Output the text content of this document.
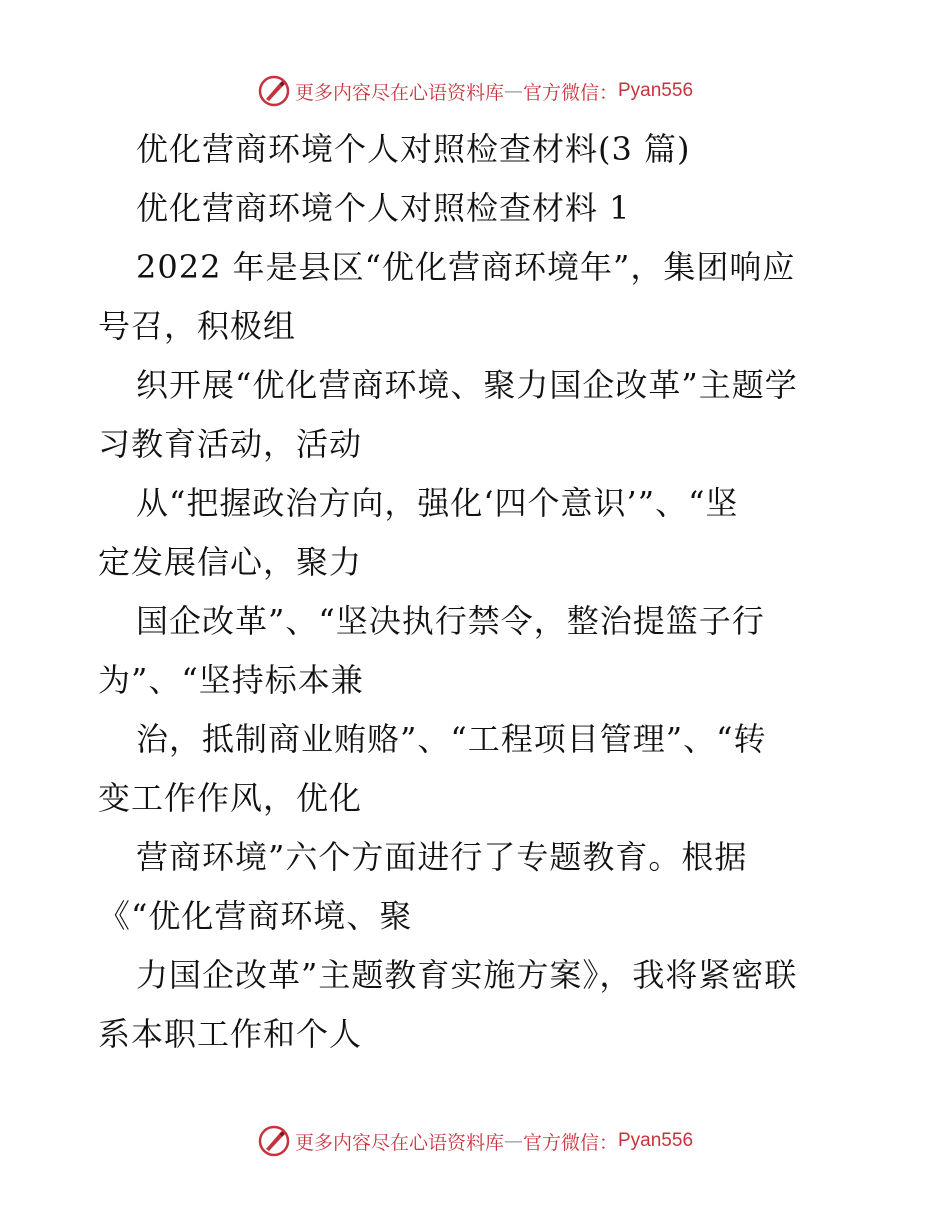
更多内容尽在心语资料库 — 官方微信： Pyan556
优化营商环境个人对照检查材料(3 篇)
优化营商环境个人对照检查材料 1
2022 年是县区“优化营商环境年”，集团响应
号召，积极组
织开展“优化营商环境、聚力国企改革”主题学
习教育活动，活动
从“把握政治方向，强化‘四个意识’”、“坚
定发展信心，聚力
国企改革”、“坚决执行禁令，整治提篮子行
为”、“坚持标本兼
治，抵制商业贿赂”、“工程项目管理”、“转
变工作作风，优化
营商环境”六个方面进行了专题教育。根据
《“优化营商环境、聚
力国企改革”主题教育实施方案》，我将紧密联
系本职工作和个人
更多内容尽在心语资料库 — 官方微信： Pyan556
